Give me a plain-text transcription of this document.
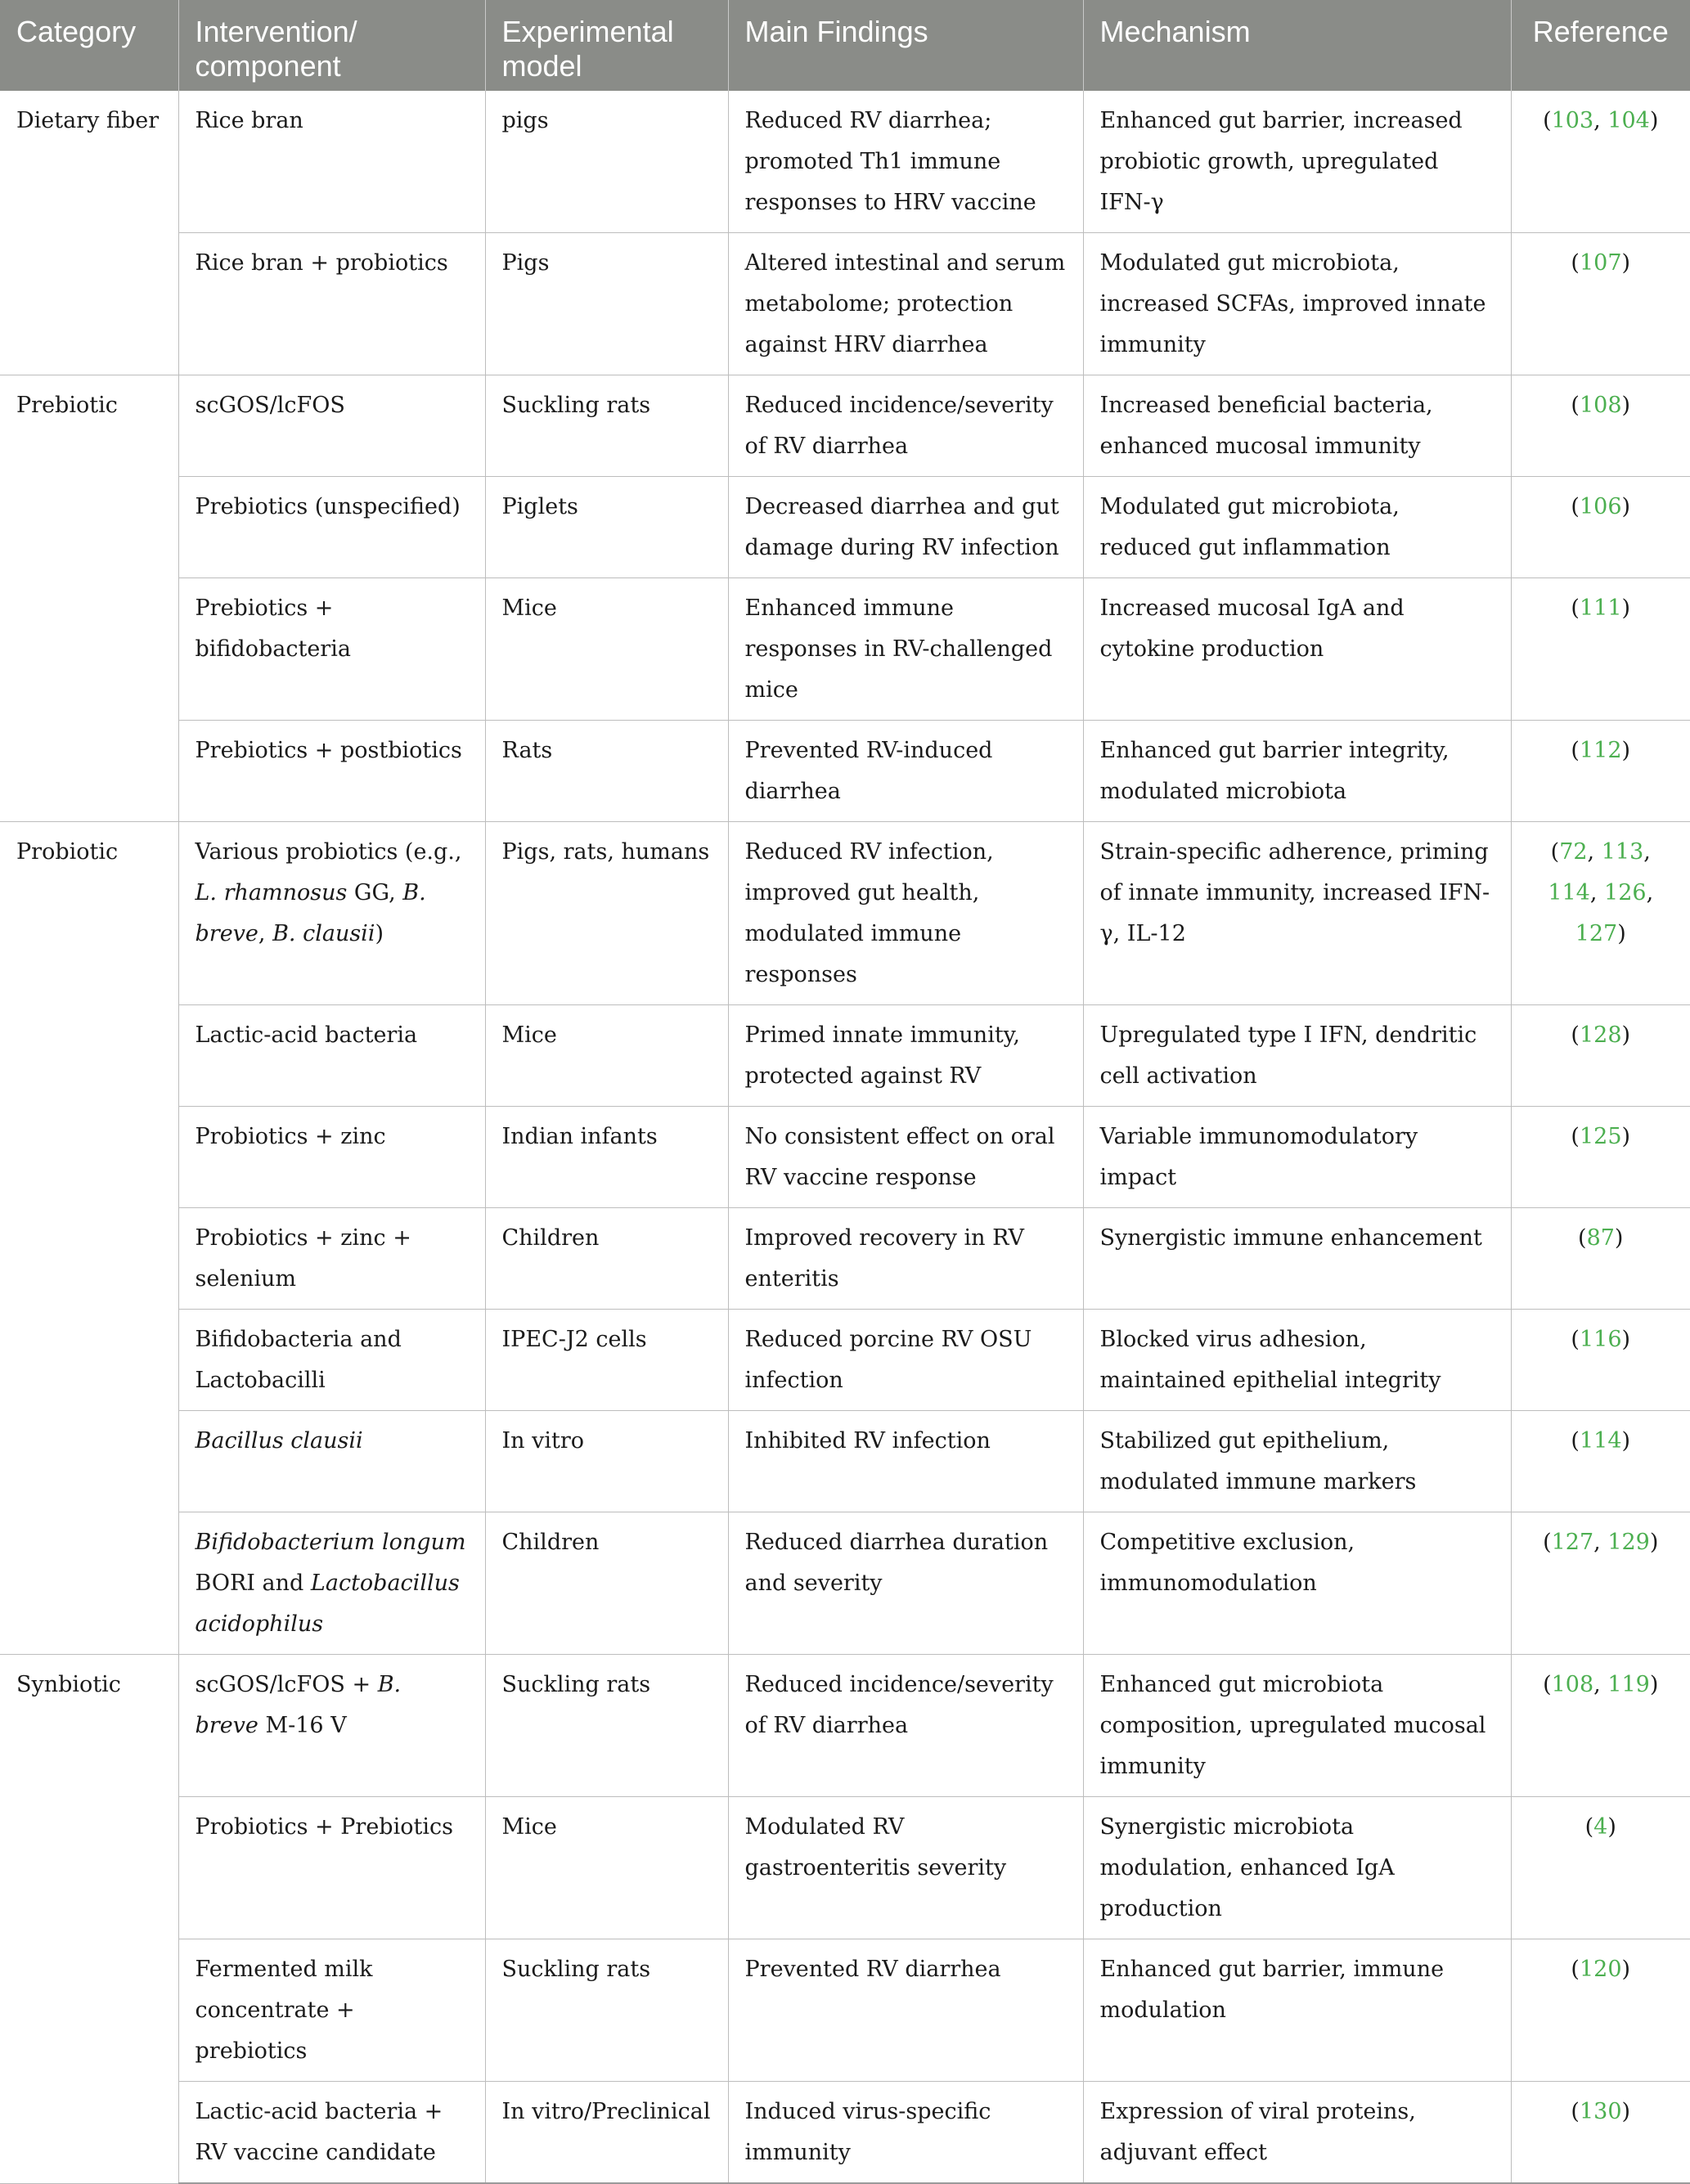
Category	Intervention/ component	Experimental model	Main Findings	Mechanism	Reference
Dietary fiber	Rice bran	pigs	Reduced RV diarrhea; promoted Th1 immune responses to HRV vaccine	Enhanced gut barrier, increased probiotic growth, upregulated IFN-γ	(103, 104)
	Rice bran + probiotics	Pigs	Altered intestinal and serum metabolome; protection against HRV diarrhea	Modulated gut microbiota, increased SCFAs, improved innate immunity	(107)
Prebiotic	scGOS/lcFOS	Suckling rats	Reduced incidence/severity of RV diarrhea	Increased beneficial bacteria, enhanced mucosal immunity	(108)
	Prebiotics (unspecified)	Piglets	Decreased diarrhea and gut damage during RV infection	Modulated gut microbiota, reduced gut inflammation	(106)
	Prebiotics + bifidobacteria	Mice	Enhanced immune responses in RV-challenged mice	Increased mucosal IgA and cytokine production	(111)
	Prebiotics + postbiotics	Rats	Prevented RV-induced diarrhea	Enhanced gut barrier integrity, modulated microbiota	(112)
Probiotic	Various probiotics (e.g., L. rhamnosus GG, B. breve, B. clausii)	Pigs, rats, humans	Reduced RV infection, improved gut health, modulated immune responses	Strain-specific adherence, priming of innate immunity, increased IFN-γ, IL-12	(72, 113, 114, 126, 127)
	Lactic-acid bacteria	Mice	Primed innate immunity, protected against RV	Upregulated type I IFN, dendritic cell activation	(128)
	Probiotics + zinc	Indian infants	No consistent effect on oral RV vaccine response	Variable immunomodulatory impact	(125)
	Probiotics + zinc + selenium	Children	Improved recovery in RV enteritis	Synergistic immune enhancement	(87)
	Bifidobacteria and Lactobacilli	IPEC-J2 cells	Reduced porcine RV OSU infection	Blocked virus adhesion, maintained epithelial integrity	(116)
	Bacillus clausii	In vitro	Inhibited RV infection	Stabilized gut epithelium, modulated immune markers	(114)
	Bifidobacterium longum BORI and Lactobacillus acidophilus	Children	Reduced diarrhea duration and severity	Competitive exclusion, immunomodulation	(127, 129)
Synbiotic	scGOS/lcFOS + B. breve M-16 V	Suckling rats	Reduced incidence/severity of RV diarrhea	Enhanced gut microbiota composition, upregulated mucosal immunity	(108, 119)
	Probiotics + Prebiotics	Mice	Modulated RV gastroenteritis severity	Synergistic microbiota modulation, enhanced IgA production	(4)
	Fermented milk concentrate + prebiotics	Suckling rats	Prevented RV diarrhea	Enhanced gut barrier, immune modulation	(120)
	Lactic-acid bacteria + RV vaccine candidate	In vitro/Preclinical	Induced virus-specific immunity	Expression of viral proteins, adjuvant effect	(130)
